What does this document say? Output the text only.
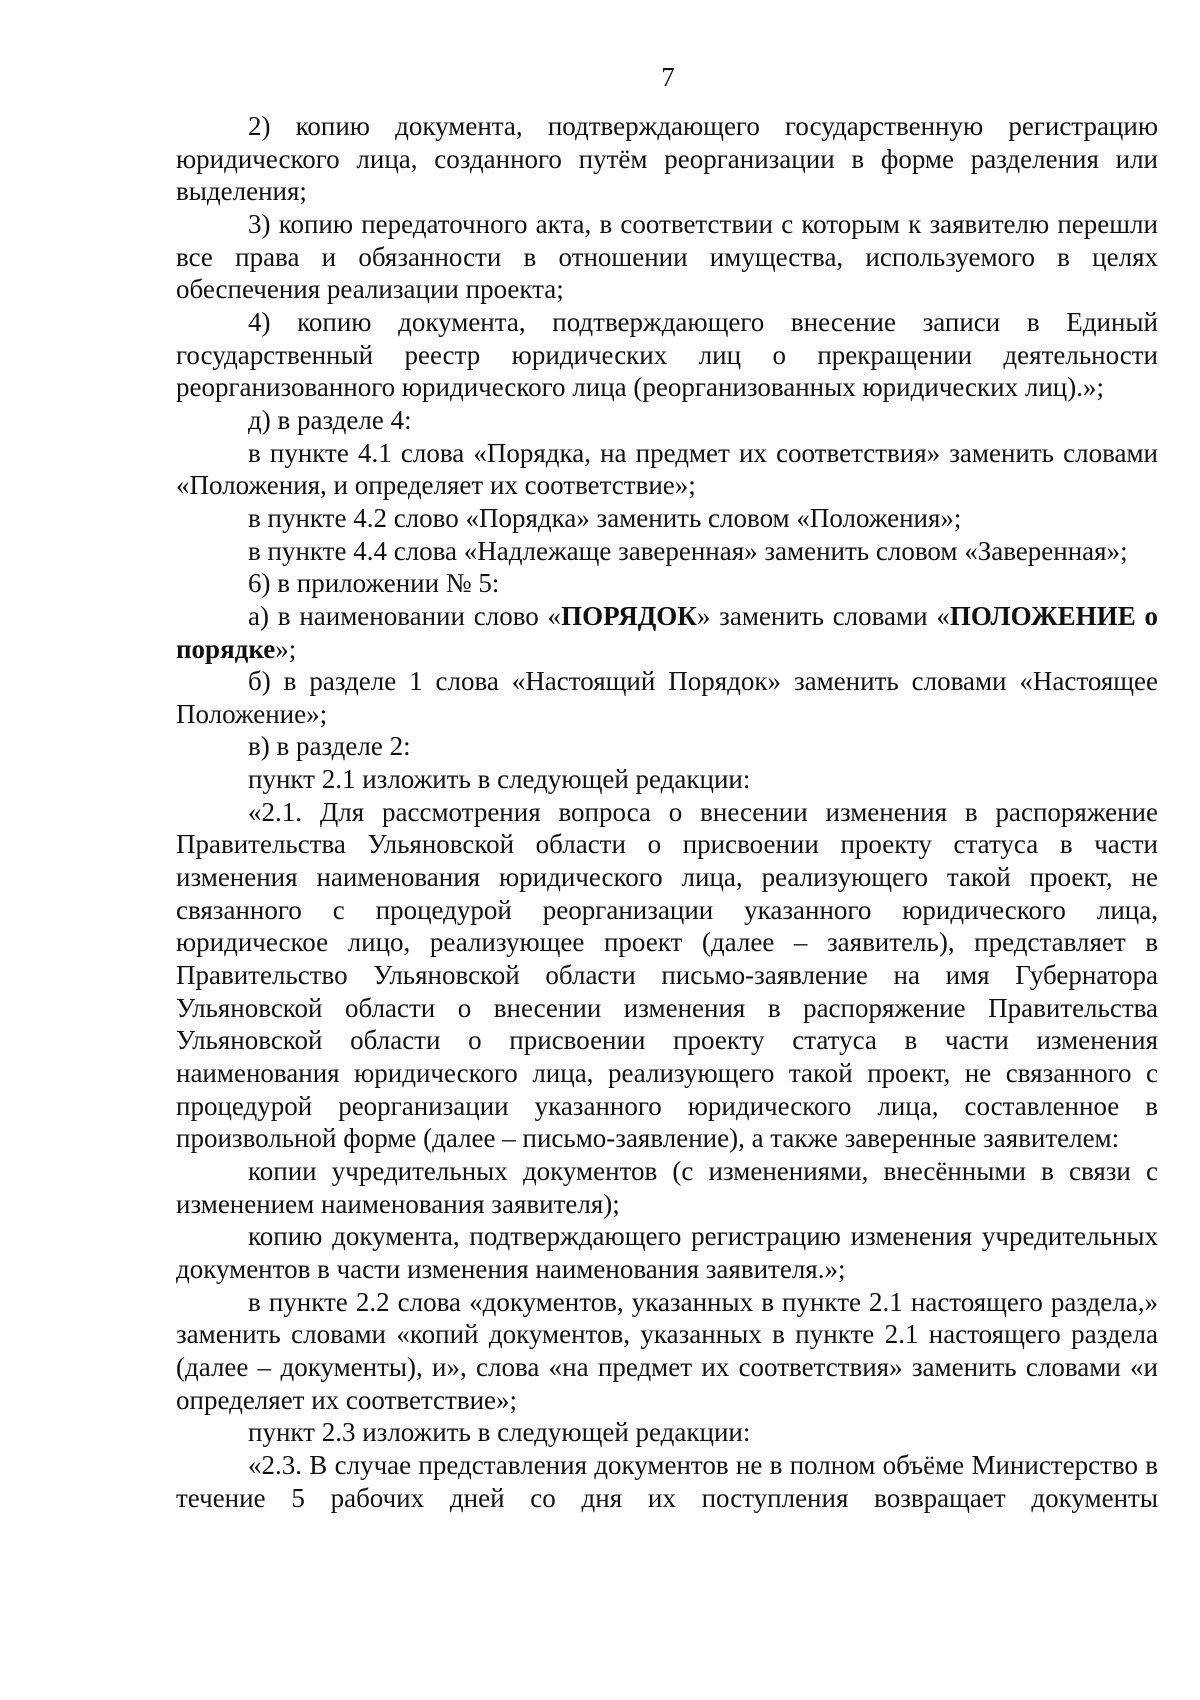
7

2) копию документа, подтверждающего государственную регистрацию юридического лица, созданного путём реорганизации в форме разделения или выделения;

3) копию передаточного акта, в соответствии с которым к заявителю перешли все права и обязанности в отношении имущества, используемого в целях обеспечения реализации проекта;

4) копию документа, подтверждающего внесение записи в Единый государственный реестр юридических лиц о прекращении деятельности реорганизованного юридического лица (реорганизованных юридических лиц).»;

д) в разделе 4:

в пункте 4.1 слова «Порядка, на предмет их соответствия» заменить словами «Положения, и определяет их соответствие»;

в пункте 4.2 слово «Порядка» заменить словом «Положения»;

в пункте 4.4 слова «Надлежаще заверенная» заменить словом «Заверенная»;

6) в приложении № 5:

а) в наименовании слово «ПОРЯДОК» заменить словами «ПОЛОЖЕНИЕ о порядке»;

б) в разделе 1 слова «Настоящий Порядок» заменить словами «Настоящее Положение»;

в) в разделе 2:

пункт 2.1 изложить в следующей редакции:

«2.1. Для рассмотрения вопроса о внесении изменения в распоряжение Правительства Ульяновской области о присвоении проекту статуса в части изменения наименования юридического лица, реализующего такой проект, не связанного с процедурой реорганизации указанного юридического лица, юридическое лицо, реализующее проект (далее – заявитель), представляет в Правительство Ульяновской области письмо-заявление на имя Губернатора Ульяновской области о внесении изменения в распоряжение Правительства Ульяновской области о присвоении проекту статуса в части изменения наименования юридического лица, реализующего такой проект, не связанного с процедурой реорганизации указанного юридического лица, составленное в произвольной форме (далее – письмо-заявление), а также заверенные заявителем:

копии учредительных документов (с изменениями, внесёнными в связи с изменением наименования заявителя);

копию документа, подтверждающего регистрацию изменения учредительных документов в части изменения наименования заявителя.»;

в пункте 2.2 слова «документов, указанных в пункте 2.1 настоящего раздела,» заменить словами «копий документов, указанных в пункте 2.1 настоящего раздела (далее – документы), и», слова «на предмет их соответствия» заменить словами «и определяет их соответствие»;

пункт 2.3 изложить в следующей редакции:

«2.3. В случае представления документов не в полном объёме Министерство в течение 5 рабочих дней со дня их поступления возвращает документы
